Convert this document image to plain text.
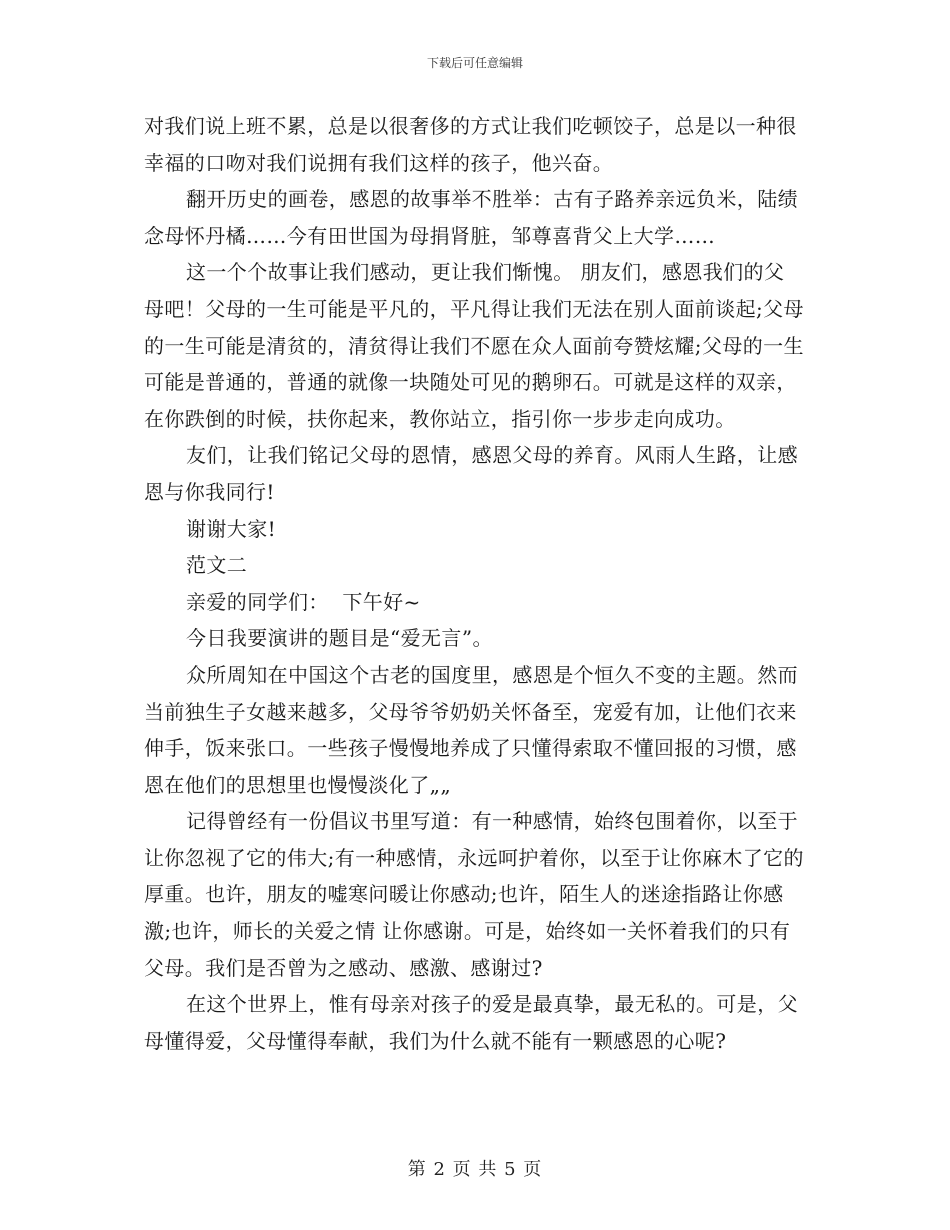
下载后可任意编辑

对我们说上班不累，总是以很奢侈的方式让我们吃顿饺子，总是以一种很幸福的口吻对我们说拥有我们这样的孩子，他兴奋。

翻开历史的画卷，感恩的故事举不胜举：古有子路养亲远负米，陆绩念母怀丹橘……今有田世国为母捐肾脏，邹尊喜背父上大学……

这一个个故事让我们感动，更让我们惭愧。 朋友们，感恩我们的父母吧！父母的一生可能是平凡的，平凡得让我们无法在别人面前谈起;父母的一生可能是清贫的，清贫得让我们不愿在众人面前夸赞炫耀;父母的一生可能是普通的，普通的就像一块随处可见的鹅卵石。可就是这样的双亲，在你跌倒的时候，扶你起来，教你站立，指引你一步步走向成功。

友们，让我们铭记父母的恩情，感恩父母的养育。风雨人生路，让感恩与你我同行!

谢谢大家!

范文二

亲爱的同学们：  下午好~

今日我要演讲的题目是“爱无言”。

众所周知在中国这个古老的国度里，感恩是个恒久不变的主题。然而当前独生子女越来越多，父母爷爷奶奶关怀备至，宠爱有加，让他们衣来伸手，饭来张口。一些孩子慢慢地养成了只懂得索取不懂回报的习惯，感恩在他们的思想里也慢慢淡化了„„

记得曾经有一份倡议书里写道：有一种感情，始终包围着你，以至于让你忽视了它的伟大;有一种感情，永远呵护着你，以至于让你麻木了它的厚重。也许，朋友的嘘寒问暖让你感动;也许，陌生人的迷途指路让你感激;也许，师长的关爱之情 让你感谢。可是，始终如一关怀着我们的只有父母。我们是否曾为之感动、感激、感谢过?

在这个世界上，惟有母亲对孩子的爱是最真挚，最无私的。可是，父母懂得爱，父母懂得奉献，我们为什么就不能有一颗感恩的心呢?

第 2 页 共 5 页
